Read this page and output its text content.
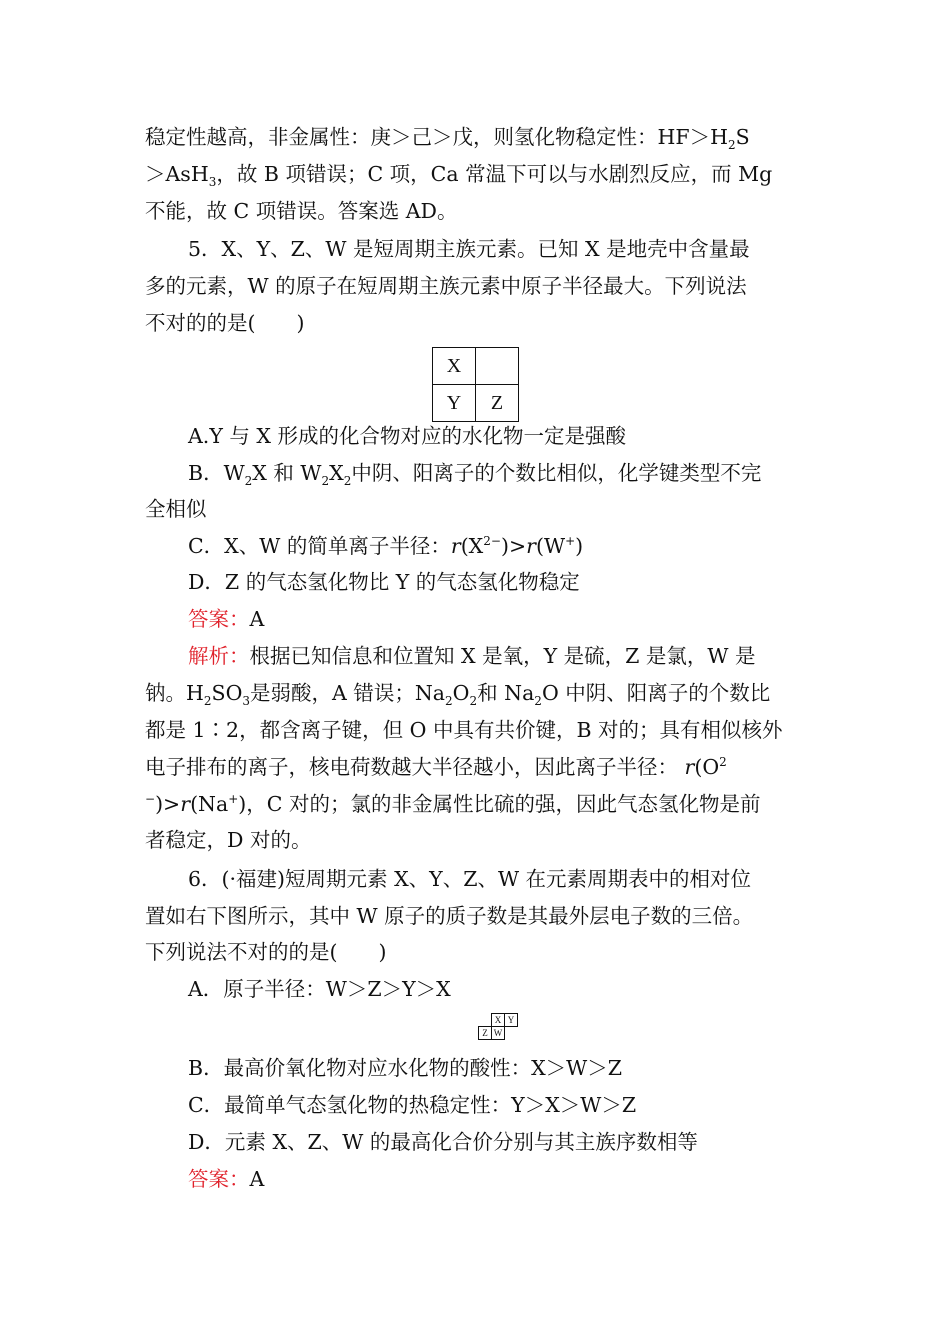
稳定性越高，非金属性：庚＞己＞戊，则氢化物稳定性：$HF>H_2S$
＞AsH$_3$，故 B 项错误；C 项，Ca 常温下可以与水剧烈反应，而 Mg
不能，故 C 项错误。答案选 AD。
5．X、Y、Z、W 是短周期主族元素。已知 X 是地壳中含量最
多的元素，W 的原子在短周期主族元素中原子半径最大。下列说法
不对的的是(　　)
X	
Y	Z
A.Y 与 X 形成的化合物对应的水化物一定是强酸
B．$W_2X$ 和 $W_2X_2$中阴、阳离子的个数比相似，化学键类型不完
全相似
C．X、W 的简单离子半径：$r(X^{2-})>r(W^+)$
D．Z 的气态氢化物比 Y 的气态氢化物稳定
答案：A
解析：根据已知信息和位置知 X 是氧，Y 是硫，Z 是氯，W 是
钠。$H_2SO_3$是弱酸，A 错误；$Na_2O_2$和 $Na_2O$ 中阴、阳离子的个数比
都是 1∶2，都含离子键，但 O 中具有共价键，B 对的；具有相似核外
电子排布的离子，核电荷数越大半径越小，因此离子半径： $r(O^2$
−)>r(Na+)，C 对的；氯的非金属性比硫的强，因此气态氢化物是前
者稳定，D 对的。
6．(·福建)短周期元素 X、Y、Z、W 在元素周期表中的相对位
置如右下图所示，其中 W 原子的质子数是其最外层电子数的三倍。
下列说法不对的的是(　　)
A．原子半径：W＞Z＞Y＞X
	X	Y
Z	W	
B．最高价氧化物对应水化物的酸性：X＞W＞Z
C．最简单气态氢化物的热稳定性：Y＞X＞W＞Z
D．元素 X、Z、W 的最高化合价分别与其主族序数相等
答案：A
